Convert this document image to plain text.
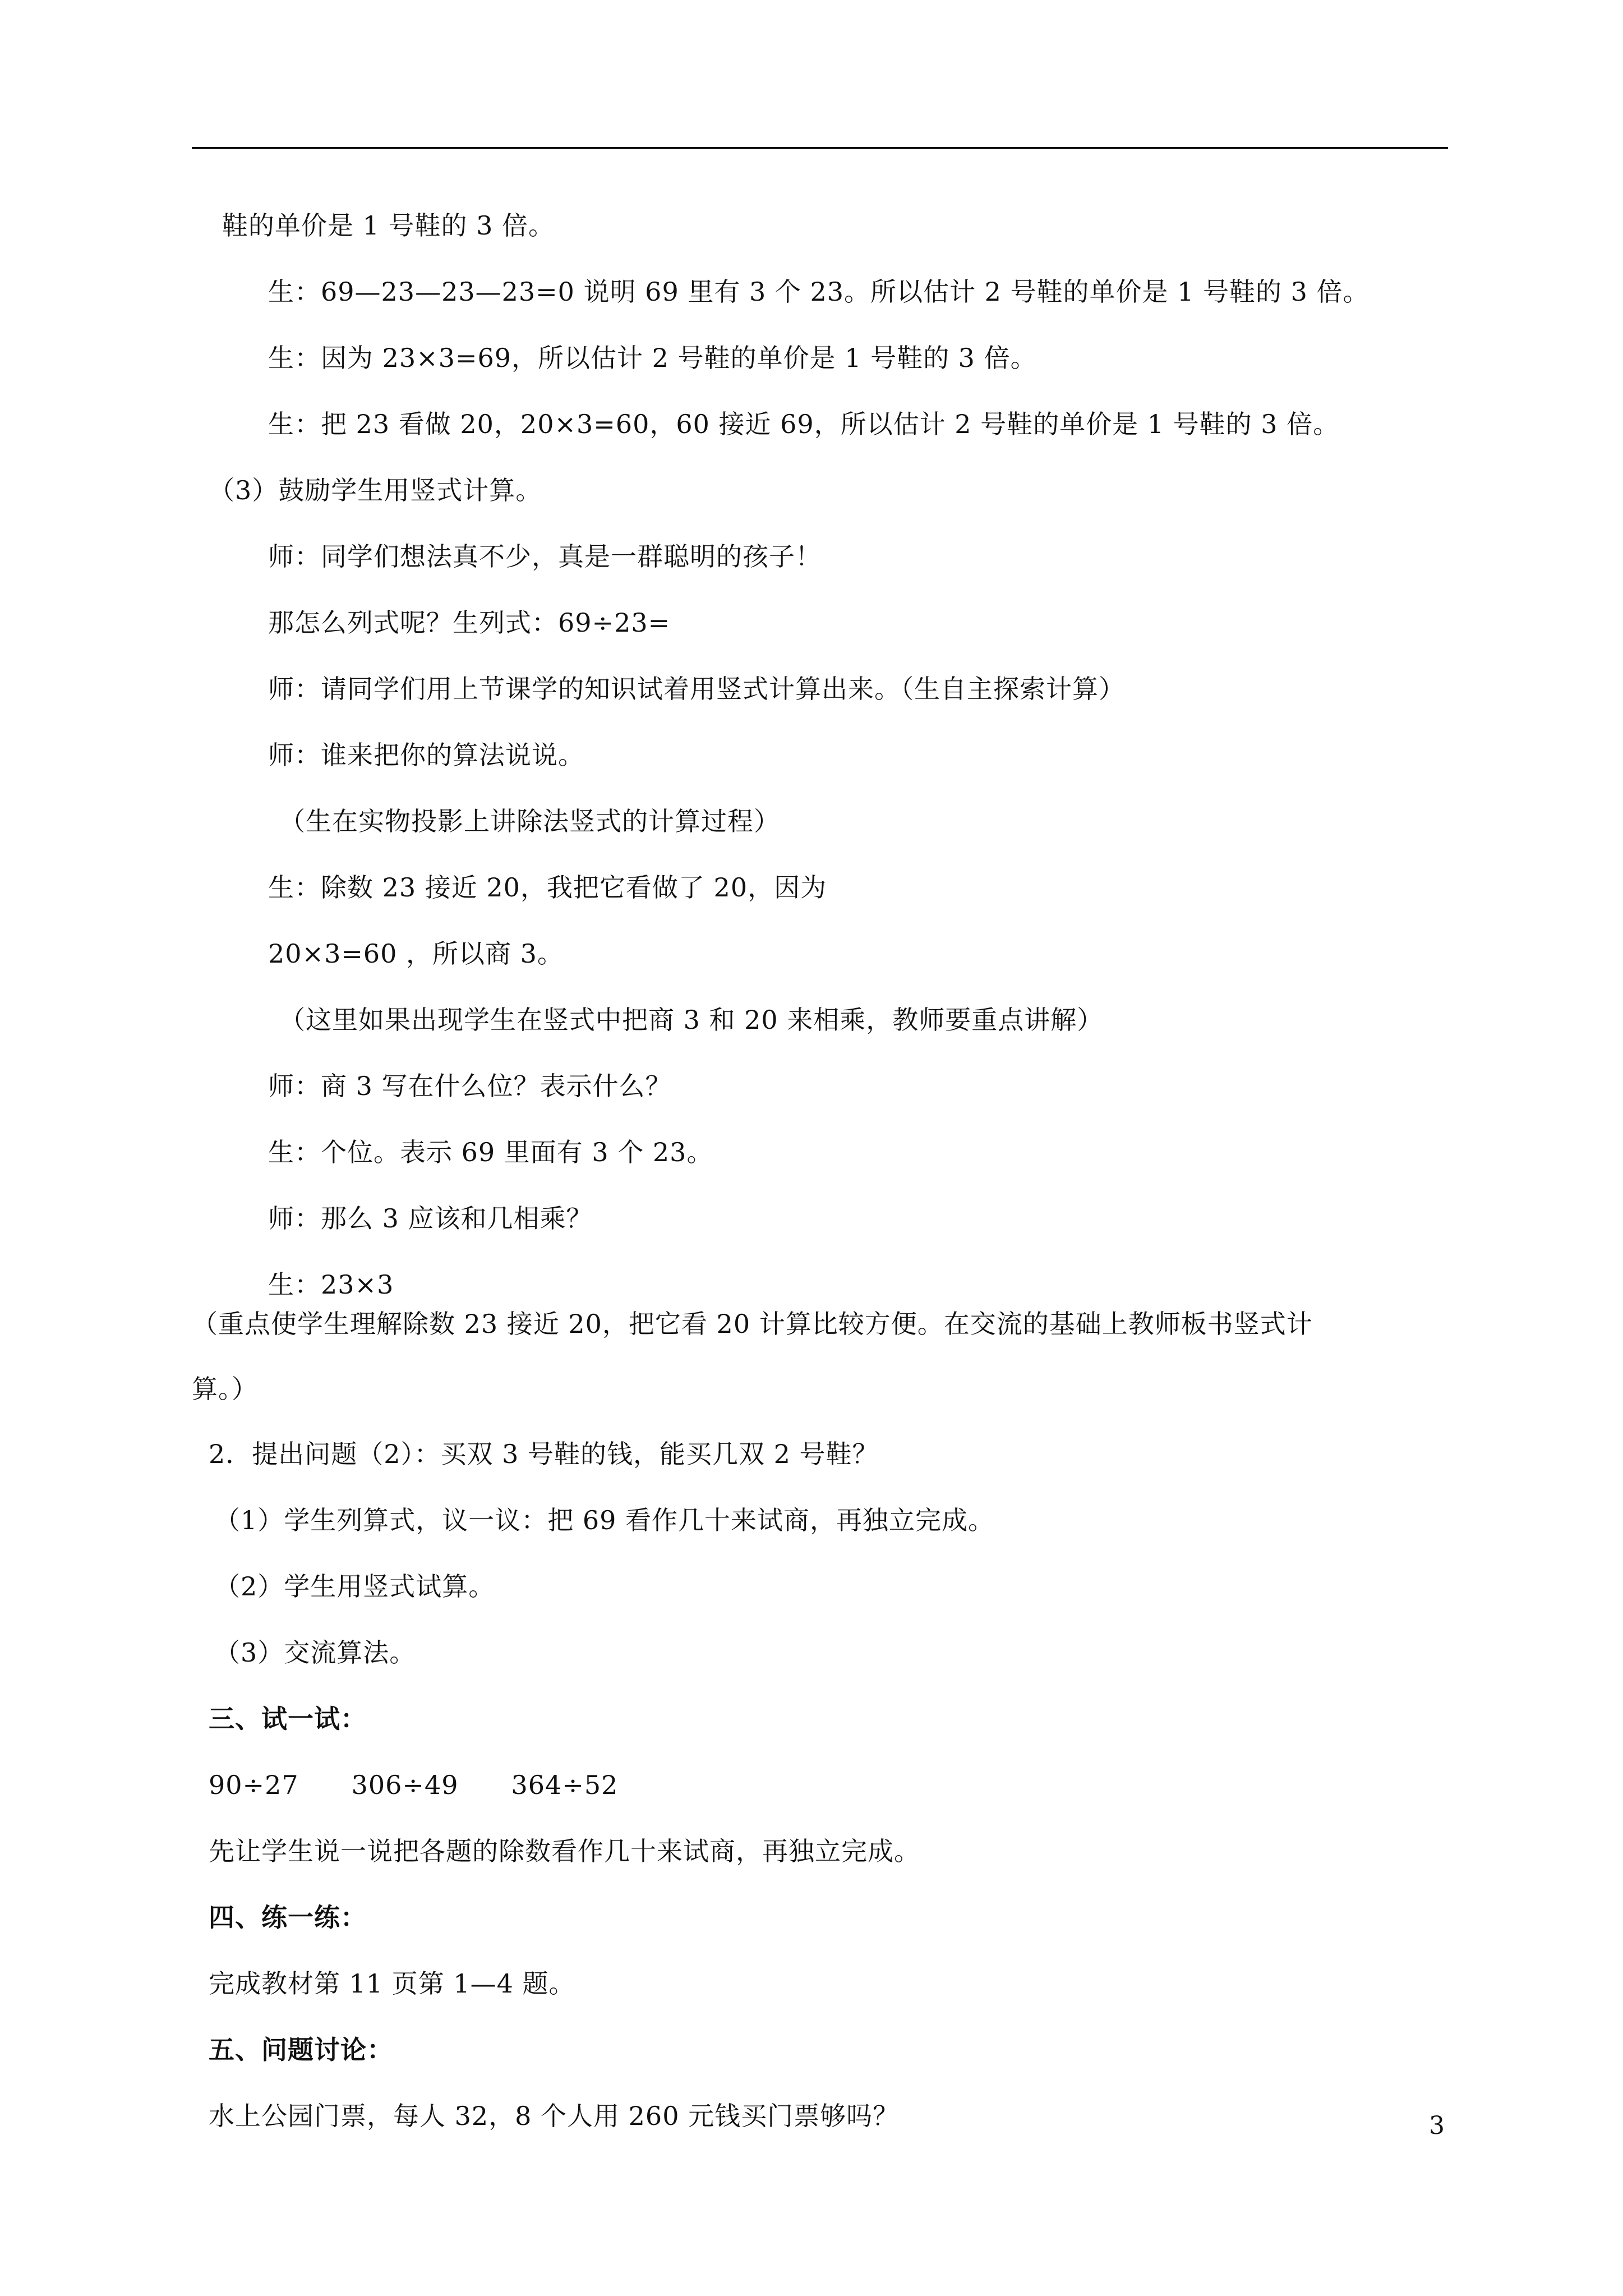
鞋的单价是 1 号鞋的 3 倍。
生：69—23—23—23=0 说明 69 里有 3 个 23。所以估计 2 号鞋的单价是 1 号鞋的 3 倍。
生：因为 23×3=69，所以估计 2 号鞋的单价是 1 号鞋的 3 倍。
生：把 23 看做 20，20×3=60，60 接近 69，所以估计 2 号鞋的单价是 1 号鞋的 3 倍。
（3）鼓励学生用竖式计算。
师：同学们想法真不少，真是一群聪明的孩子！
那怎么列式呢？生列式：69÷23=
师：请同学们用上节课学的知识试着用竖式计算出来。（生自主探索计算）
师：谁来把你的算法说说。
（生在实物投影上讲除法竖式的计算过程）
生：除数 23 接近 20，我把它看做了 20，因为
20×3=60 ，所以商 3。
（这里如果出现学生在竖式中把商 3 和 20 来相乘，教师要重点讲解）
师：商 3 写在什么位？表示什么？
生：个位。表示 69 里面有 3 个 23。
师：那么 3 应该和几相乘？
生：23×3
（重点使学生理解除数 23 接近 20，把它看 20 计算比较方便。在交流的基础上教师板书竖式计
算。）
2．提出问题（2）：买双 3 号鞋的钱，能买几双 2 号鞋？
（1）学生列算式，议一议：把 69 看作几十来试商，再独立完成。
（2）学生用竖式试算。
（3）交流算法。
三、试一试：
90÷27　　306÷49　　364÷52
先让学生说一说把各题的除数看作几十来试商，再独立完成。
四、练一练：
完成教材第 11 页第 1—4 题。
五、问题讨论：
水上公园门票，每人 32，8 个人用 260 元钱买门票够吗？	3
